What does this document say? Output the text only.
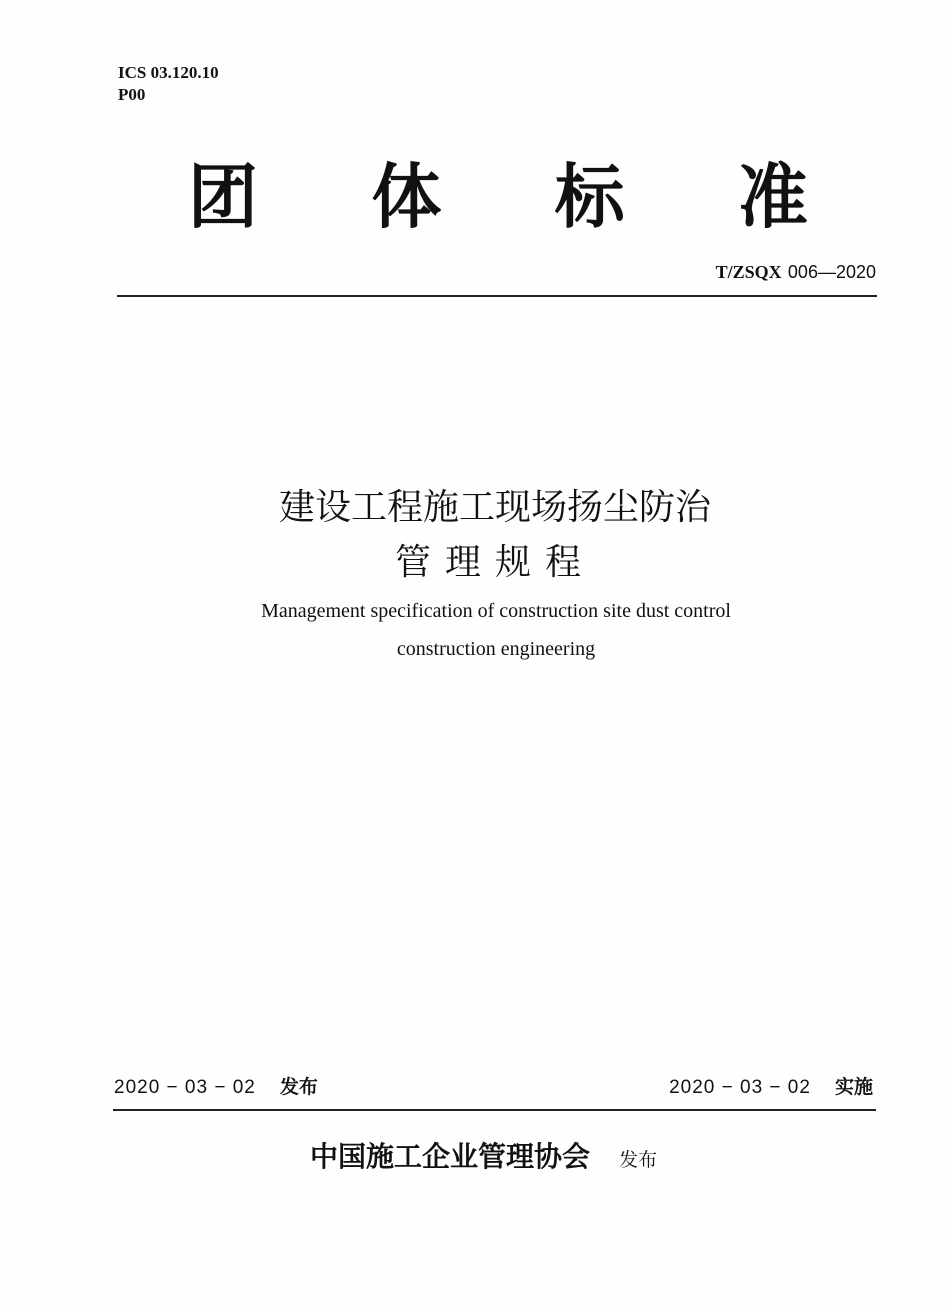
ICS 03.120.10
P00
团 体 标 准
T/ZSQX 006—2020
建设工程施工现场扬尘防治
管理规程
Management specification of construction site dust control
construction engineering
2020 − 03 − 02 发布	2020 − 03 − 02 实施
中国施工企业管理协会 发布
